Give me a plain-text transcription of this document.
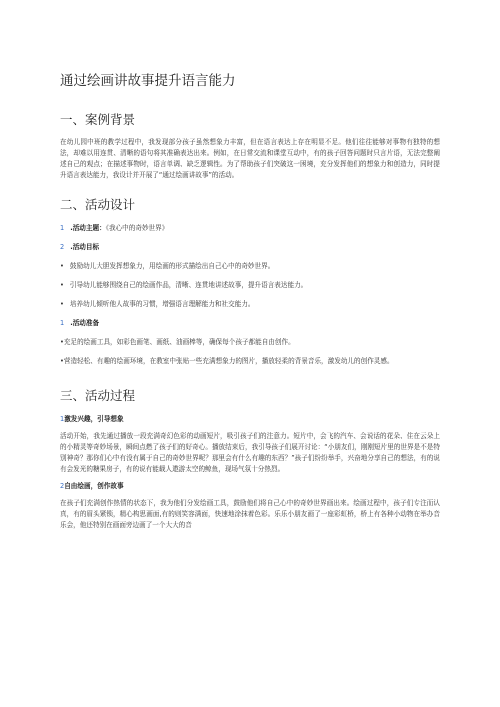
通过绘画讲故事提升语言能力
一、案例背景

在幼儿园中班的教学过程中，我发现部分孩子虽然想象力丰富，但在语言表达上存在明显不足。他们往往能够对事物有独特的想法，却难以用连贯、清晰的语句将其准确表达出来。例如，在日常交流和课堂互动中，有的孩子回答问题时只言片语，无法完整阐述自己的观点；在描述事物时，语言单调、缺乏逻辑性。为了帮助孩子们突破这一困境，充分发挥他们的想象力和创造力，同时提升语言表达能力，我设计并开展了“通过绘画讲故事”的活动。

二、活动设计

1 .活动主题：《我心中的奇妙世界》

2 .活动目标

• 鼓励幼儿大胆发挥想象力，用绘画的形式描绘出自己心中的奇妙世界。

• 引导幼儿能够围绕自己的绘画作品，清晰、连贯地讲述故事，提升语言表达能力。

• 培养幼儿倾听他人故事的习惯，增强语言理解能力和社交能力。

1 .活动准备

•充足的绘画工具，如彩色画笔、画纸、油画棒等，确保每个孩子都能自由创作。

•营造轻松、有趣的绘画环境，在教室中张贴一些充满想象力的图片，播放轻柔的背景音乐，激发幼儿的创作灵感。

三、活动过程

1激发兴趣，引导想象

活动开始，我先通过播放一段充满奇幻色彩的动画短片，吸引孩子们的注意力。短片中，会飞的汽车、会说话的花朵、住在云朵上的小精灵等奇妙场景，瞬间点燃了孩子们的好奇心。播放结束后，我引导孩子们展开讨论：“小朋友们，刚刚短片里的世界是不是特别神奇？那你们心中有没有属于自己的奇妙世界呢？那里会有什么有趣的东西？”孩子们纷纷举手，兴奋地分享自己的想法，有的说有会发光的糖果房子，有的说有能载人遨游太空的鲸鱼，现场气氛十分热烈。

2自由绘画，创作故事

在孩子们充满创作热情的状态下，我为他们分发绘画工具，鼓励他们将自己心中的奇妙世界画出来。绘画过程中，孩子们专注而认真，有的眉头紧锁，精心构思画面,有的则笑容满面，快速地涂抹着色彩。乐乐小朋友画了一座彩虹桥，桥上有各种小动物在举办音乐会，他还特别在画面旁边画了一个大大的音
